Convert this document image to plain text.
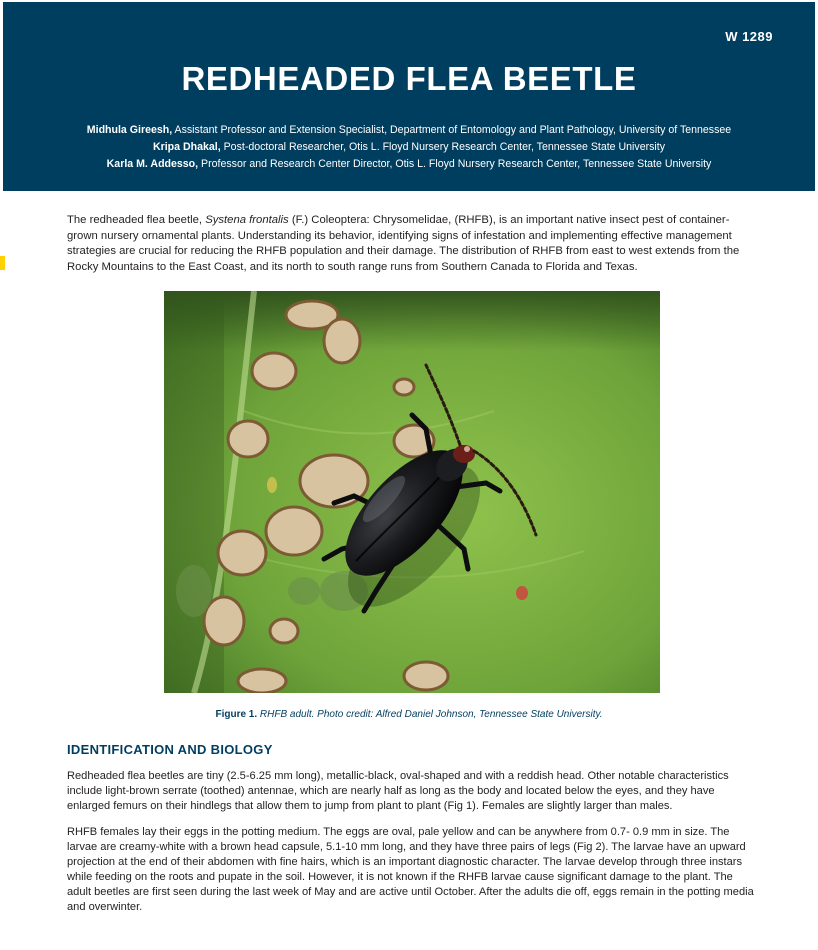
W 1289
REDHEADED FLEA BEETLE
Midhula Gireesh, Assistant Professor and Extension Specialist, Department of Entomology and Plant Pathology, University of Tennessee
Kripa Dhakal, Post-doctoral Researcher, Otis L. Floyd Nursery Research Center, Tennessee State University
Karla M. Addesso, Professor and Research Center Director, Otis L. Floyd Nursery Research Center, Tennessee State University

The redheaded flea beetle, Systena frontalis (F.) Coleoptera: Chrysomelidae, (RHFB), is an important native insect pest of container-grown nursery ornamental plants. Understanding its behavior, identifying signs of infestation and implementing effective management strategies are crucial for reducing the RHFB population and their damage. The distribution of RHFB from east to west extends from the Rocky Mountains to the East Coast, and its north to south range runs from Southern Canada to Florida and Texas.

Figure 1. RHFB adult. Photo credit: Alfred Daniel Johnson, Tennessee State University.
IDENTIFICATION AND BIOLOGY

Redheaded flea beetles are tiny (2.5-6.25 mm long), metallic-black, oval-shaped and with a reddish head. Other notable characteristics include light-brown serrate (toothed) antennae, which are nearly half as long as the body and located below the eyes, and they have enlarged femurs on their hindlegs that allow them to jump from plant to plant (Fig 1). Females are slightly larger than males.

RHFB females lay their eggs in the potting medium. The eggs are oval, pale yellow and can be anywhere from 0.7- 0.9 mm in size. The larvae are creamy-white with a brown head capsule, 5.1-10 mm long, and they have three pairs of legs (Fig 2). The larvae have an upward projection at the end of their abdomen with fine hairs, which is an important diagnostic character. The larvae develop through three instars while feeding on the roots and pupate in the soil. However, it is not known if the RHFB larvae cause significant damage to the plant. The adult beetles are first seen during the last week of May and are active until October. After the adults die off, eggs remain in the potting media and overwinter.
